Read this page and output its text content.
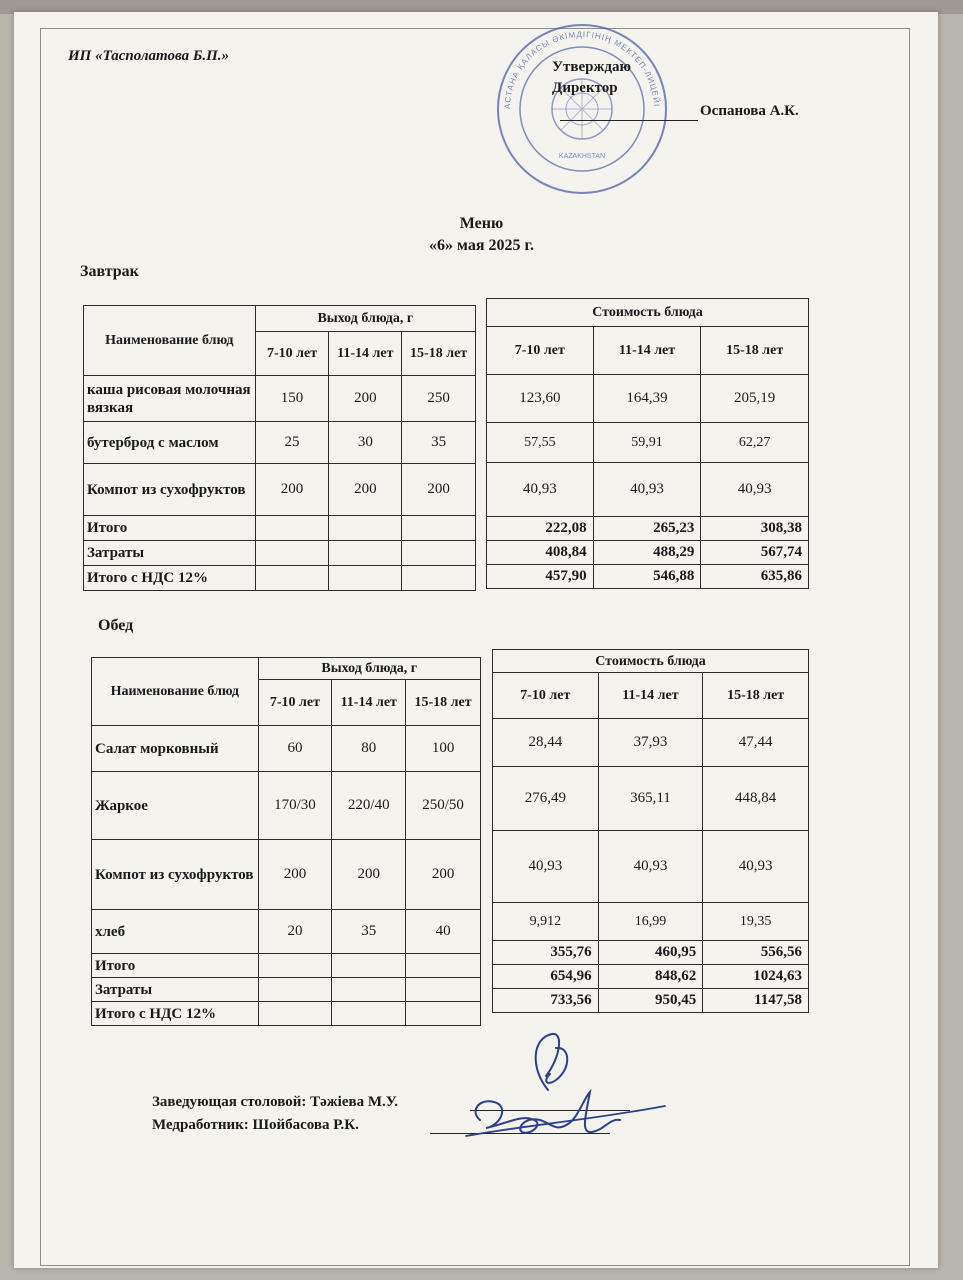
ИП «Тасполатова Б.П.»
АСТАНА ҚАЛАСЫ ӘКІМДІГІНІҢ МЕКТЕП-ЛИЦЕЙІ
KAZAKHSTAN
Утверждаю
Директор
Оспанова А.К.
Меню
«6» мая 2025 г.
Завтрак
Наименование блюд	Выход блюда, г		
	7-10 лет	11-14 лет	15-18 лет
каша рисовая молочная вязкая	150	200	250
бутерброд с маслом	25	30	35
Компот из сухофруктов	200	200	200
Итого			
Затраты			
Итого с НДС 12%			
Стоимость блюда		
7-10 лет	11-14 лет	15-18 лет
123,60	164,39	205,19
57,55	59,91	62,27
40,93	40,93	40,93
222,08	265,23	308,38
408,84	488,29	567,74
457,90	546,88	635,86
Обед
Наименование блюд	Выход блюда, г		
	7-10 лет	11-14 лет	15-18 лет
Салат морковный	60	80	100
Жаркое	170/30	220/40	250/50
Компот из сухофруктов	200	200	200
хлеб	20	35	40
Итого			
Затраты			
Итого с НДС 12%			
Стоимость блюда		
7-10 лет	11-14 лет	15-18 лет
28,44	37,93	47,44
276,49	365,11	448,84
40,93	40,93	40,93
9,912	16,99	19,35
355,76	460,95	556,56
654,96	848,62	1024,63
733,56	950,45	1147,58
Заведующая столовой: Тәжіева М.У.
Медработник: Шойбасова Р.К.
